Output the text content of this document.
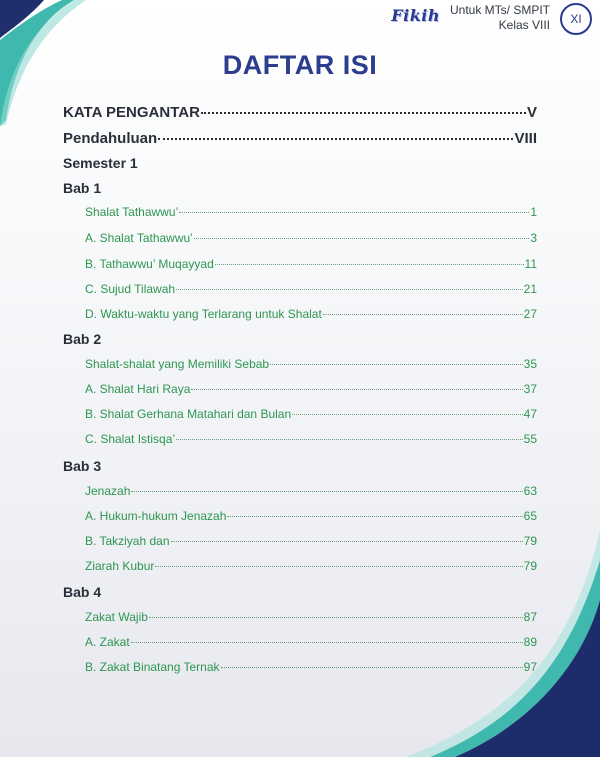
Fikih Untuk MTs/ SMPIT
Kelas VIII	XI
DAFTAR ISI
KATA PENGANTAR	V
Pendahuluan	VIII
Semester 1
Bab 1
Shalat Tathawwu’	1
A. Shalat Tathawwu’	3
B. Tathawwu’ Muqayyad	11
C. Sujud Tilawah	21
D. Waktu-waktu yang Terlarang untuk Shalat	27
Bab 2
Shalat-shalat yang Memiliki Sebab	35
A. Shalat Hari Raya	37
B. Shalat Gerhana Matahari dan Bulan	47
C. Shalat Istisqa’	55
Bab 3
Jenazah	63
A. Hukum-hukum Jenazah	65
B. Takziyah dan	79
Ziarah Kubur	79
Bab 4
Zakat Wajib	87
A. Zakat	89
B. Zakat Binatang Ternak	97
